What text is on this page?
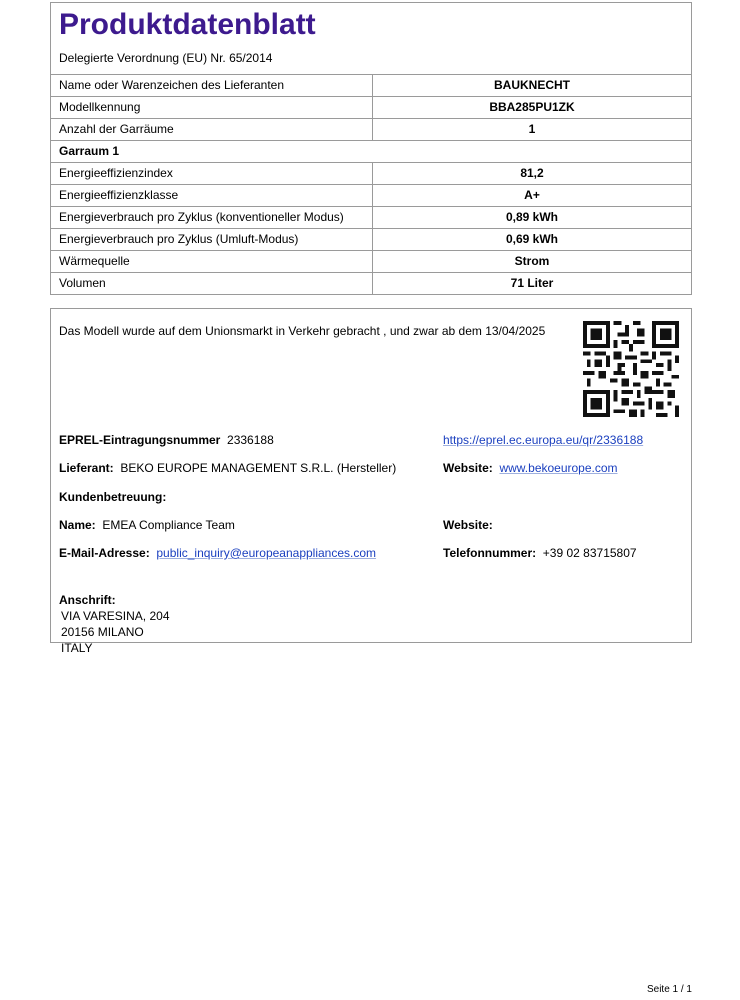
Produktdatenblatt
Delegierte Verordnung (EU) Nr. 65/2014
Name oder Warenzeichen des Lieferanten	BAUKNECHT
Modellkennung	BBA285PU1ZK
Anzahl der Garräume	1
Garraum 1	
Energieeffizienzindex	81,2
Energieeffizienzklasse	A+
Energieverbrauch pro Zyklus (konventioneller Modus)	0,89 kWh
Energieverbrauch pro Zyklus (Umluft-Modus)	0,69 kWh
Wärmequelle	Strom
Volumen	71 Liter
Das Modell wurde auf dem Unionsmarkt in Verkehr gebracht , und zwar ab dem 13/04/2025
EPREL-Eintragungsnummer 2336188	https://eprel.ec.europa.eu/qr/2336188
Lieferant: BEKO EUROPE MANAGEMENT S.R.L. (Hersteller)	Website: www.bekoeurope.com
Kundenbetreuung:
Name: EMEA Compliance Team	Website:
E-Mail-Adresse: public_inquiry@europeanappliances.com	Telefonnummer: +39 02 83715807
Anschrift:
VIA VARESINA, 204
20156 MILANO
ITALY
Seite 1 / 1
